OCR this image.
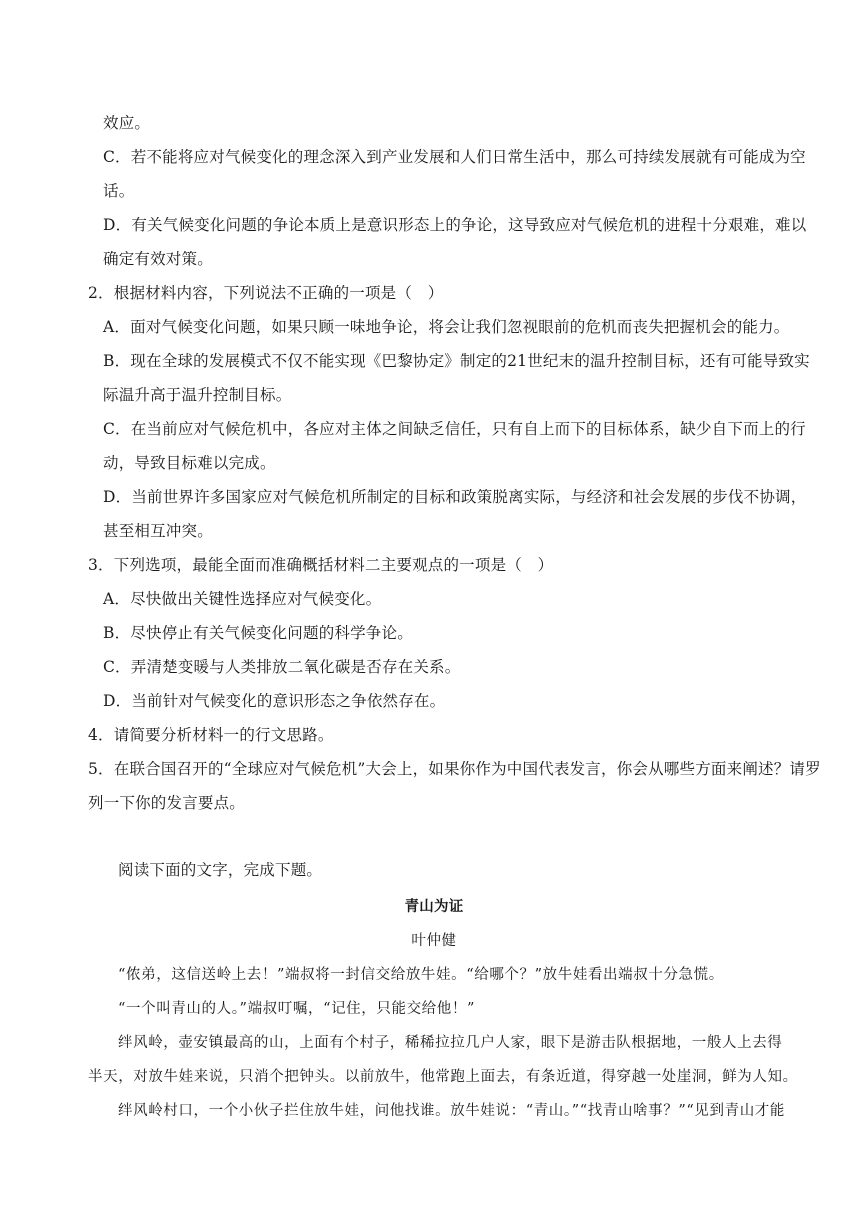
效应。
C．若不能将应对气候变化的理念深入到产业发展和人们日常生活中，那么可持续发展就有可能成为空
话。
D．有关气候变化问题的争论本质上是意识形态上的争论，这导致应对气候危机的进程十分艰难，难以
确定有效对策。
2．根据材料内容，下列说法不正确的一项是（　）
A．面对气候变化问题，如果只顾一味地争论，将会让我们忽视眼前的危机而丧失把握机会的能力。
B．现在全球的发展模式不仅不能实现《巴黎协定》制定的21世纪末的温升控制目标，还有可能导致实
际温升高于温升控制目标。
C．在当前应对气候危机中，各应对主体之间缺乏信任，只有自上而下的目标体系，缺少自下而上的行
动，导致目标难以完成。
D．当前世界许多国家应对气候危机所制定的目标和政策脱离实际，与经济和社会发展的步伐不协调，
甚至相互冲突。
3．下列选项，最能全面而准确概括材料二主要观点的一项是（　）
A．尽快做出关键性选择应对气候变化。
B．尽快停止有关气候变化问题的科学争论。
C．弄清楚变暖与人类排放二氧化碳是否存在关系。
D．当前针对气候变化的意识形态之争依然存在。
4．请简要分析材料一的行文思路。
5．在联合国召开的“全球应对气候危机”大会上，如果你作为中国代表发言，你会从哪些方面来阐述？请罗
列一下你的发言要点。
阅读下面的文字，完成下题。
青山为证
叶仲健
“侬弟，这信送岭上去！”端叔将一封信交给放牛娃。“给哪个？”放牛娃看出端叔十分急慌。
“一个叫青山的人。”端叔叮嘱，“记住，只能交给他！”
绊风岭，壶安镇最高的山，上面有个村子，稀稀拉拉几户人家，眼下是游击队根据地，一般人上去得
半天，对放牛娃来说，只消个把钟头。以前放牛，他常跑上面去，有条近道，得穿越一处崖洞，鲜为人知。
绊风岭村口，一个小伙子拦住放牛娃，问他找谁。放牛娃说：“青山。”“找青山啥事？”“见到青山才能
